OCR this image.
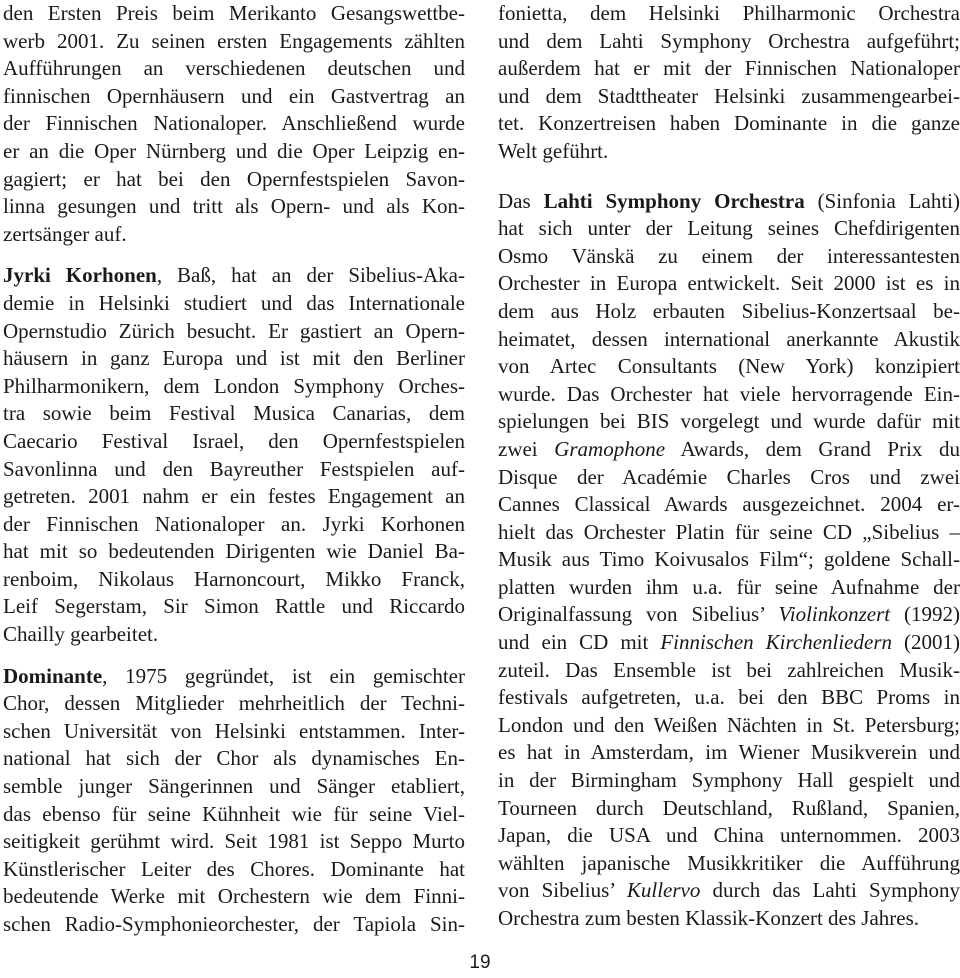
den Ersten Preis beim Merikanto Gesangswettbe-
werb 2001. Zu seinen ersten Engagements zählten
Aufführungen an verschiedenen deutschen und
finnischen Opernhäusern und ein Gastvertrag an
der Finnischen Nationaloper. Anschließend wurde
er an die Oper Nürnberg und die Oper Leipzig en-
gagiert; er hat bei den Opernfestspielen Savon-
linna gesungen und tritt als Opern- und als Kon-
zertsänger auf.

Jyrki Korhonen, Baß, hat an der Sibelius-Aka-
demie in Helsinki studiert und das Internationale
Opernstudio Zürich besucht. Er gastiert an Opern-
häusern in ganz Europa und ist mit den Berliner
Philharmonikern, dem London Symphony Orches-
tra sowie beim Festival Musica Canarias, dem
Caecario Festival Israel, den Opernfestspielen
Savonlinna und den Bayreuther Festspielen auf-
getreten. 2001 nahm er ein festes Engagement an
der Finnischen Nationaloper an. Jyrki Korhonen
hat mit so bedeutenden Dirigenten wie Daniel Ba-
renboim, Nikolaus Harnoncourt, Mikko Franck,
Leif Segerstam, Sir Simon Rattle und Riccardo
Chailly gearbeitet.

Dominante, 1975 gegründet, ist ein gemischter
Chor, dessen Mitglieder mehrheitlich der Techni-
schen Universität von Helsinki entstammen. Inter-
national hat sich der Chor als dynamisches En-
semble junger Sängerinnen und Sänger etabliert,
das ebenso für seine Kühnheit wie für seine Viel-
seitigkeit gerühmt wird. Seit 1981 ist Seppo Murto
Künstlerischer Leiter des Chores. Dominante hat
bedeutende Werke mit Orchestern wie dem Finni-
schen Radio-Symphonieorchester, der Tapiola Sin-

fonietta, dem Helsinki Philharmonic Orchestra
und dem Lahti Symphony Orchestra aufgeführt;
außerdem hat er mit der Finnischen Nationaloper
und dem Stadttheater Helsinki zusammengearbei-
tet. Konzertreisen haben Dominante in die ganze
Welt geführt.

Das Lahti Symphony Orchestra (Sinfonia Lahti)
hat sich unter der Leitung seines Chefdirigenten
Osmo Vänskä zu einem der interessantesten
Orchester in Europa entwickelt. Seit 2000 ist es in
dem aus Holz erbauten Sibelius-Konzertsaal be-
heimatet, dessen international anerkannte Akustik
von Artec Consultants (New York) konzipiert
wurde. Das Orchester hat viele hervorragende Ein-
spielungen bei BIS vorgelegt und wurde dafür mit
zwei Gramophone Awards, dem Grand Prix du
Disque der Académie Charles Cros und zwei
Cannes Classical Awards ausgezeichnet. 2004 er-
hielt das Orchester Platin für seine CD „Sibelius –
Musik aus Timo Koivusalos Film“; goldene Schall-
platten wurden ihm u.a. für seine Aufnahme der
Originalfassung von Sibelius’ Violinkonzert (1992)
und ein CD mit Finnischen Kirchenliedern (2001)
zuteil. Das Ensemble ist bei zahlreichen Musik-
festivals aufgetreten, u.a. bei den BBC Proms in
London und den Weißen Nächten in St. Petersburg;
es hat in Amsterdam, im Wiener Musikverein und
in der Birmingham Symphony Hall gespielt und
Tourneen durch Deutschland, Rußland, Spanien,
Japan, die USA und China unternommen. 2003
wählten japanische Musikkritiker die Aufführung
von Sibelius’ Kullervo durch das Lahti Symphony
Orchestra zum besten Klassik-Konzert des Jahres.

19
